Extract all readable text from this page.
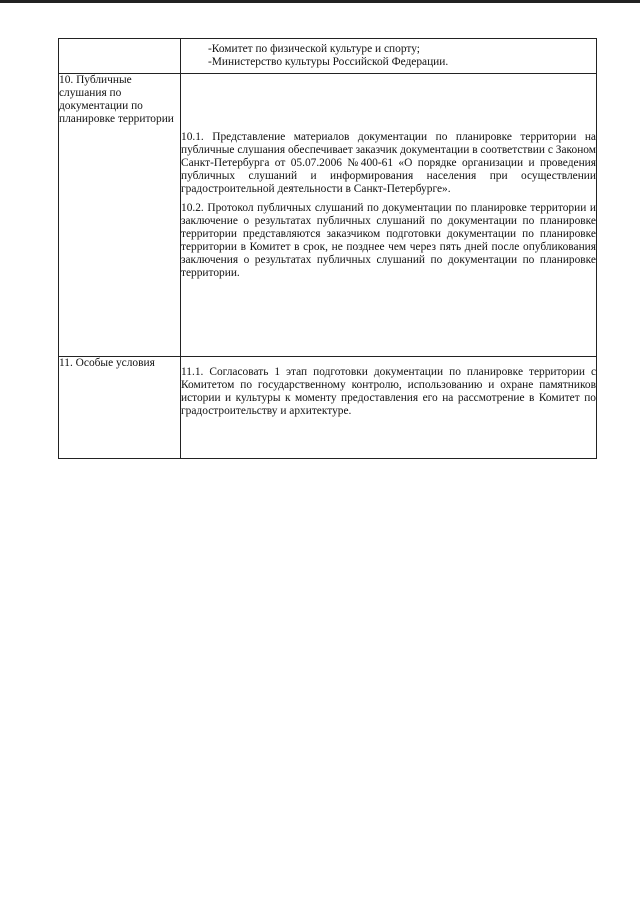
	-Комитет по физической культуре и спорту;
-Министерство культуры Российской Федерации.

10. Публичные слушания по документации по планировке территории	10.1. Представление материалов документации по планировке территории на публичные слушания обеспечивает заказчик документации в соответствии с Законом Санкт-Петербурга от 05.07.2006 №400-61 «О порядке организации и проведения публичных слушаний и информирования населения при осуществлении градостроительной деятельности в Санкт-Петербурге».

10.2. Протокол публичных слушаний по документации по планировке территории и заключение о результатах публичных слушаний по документации по планировке территории представляются заказчиком подготовки документации по планировке территории в Комитет в срок, не позднее чем через пять дней после опубликования заключения о результатах публичных слушаний по документации по планировке территории.

11. Особые условия	11.1. Согласовать 1 этап подготовки документации по планировке территории с Комитетом по государственному контролю, использованию и охране памятников истории и культуры к моменту предоставления его на рассмотрение в Комитет по градостроительству и архитектуре.
